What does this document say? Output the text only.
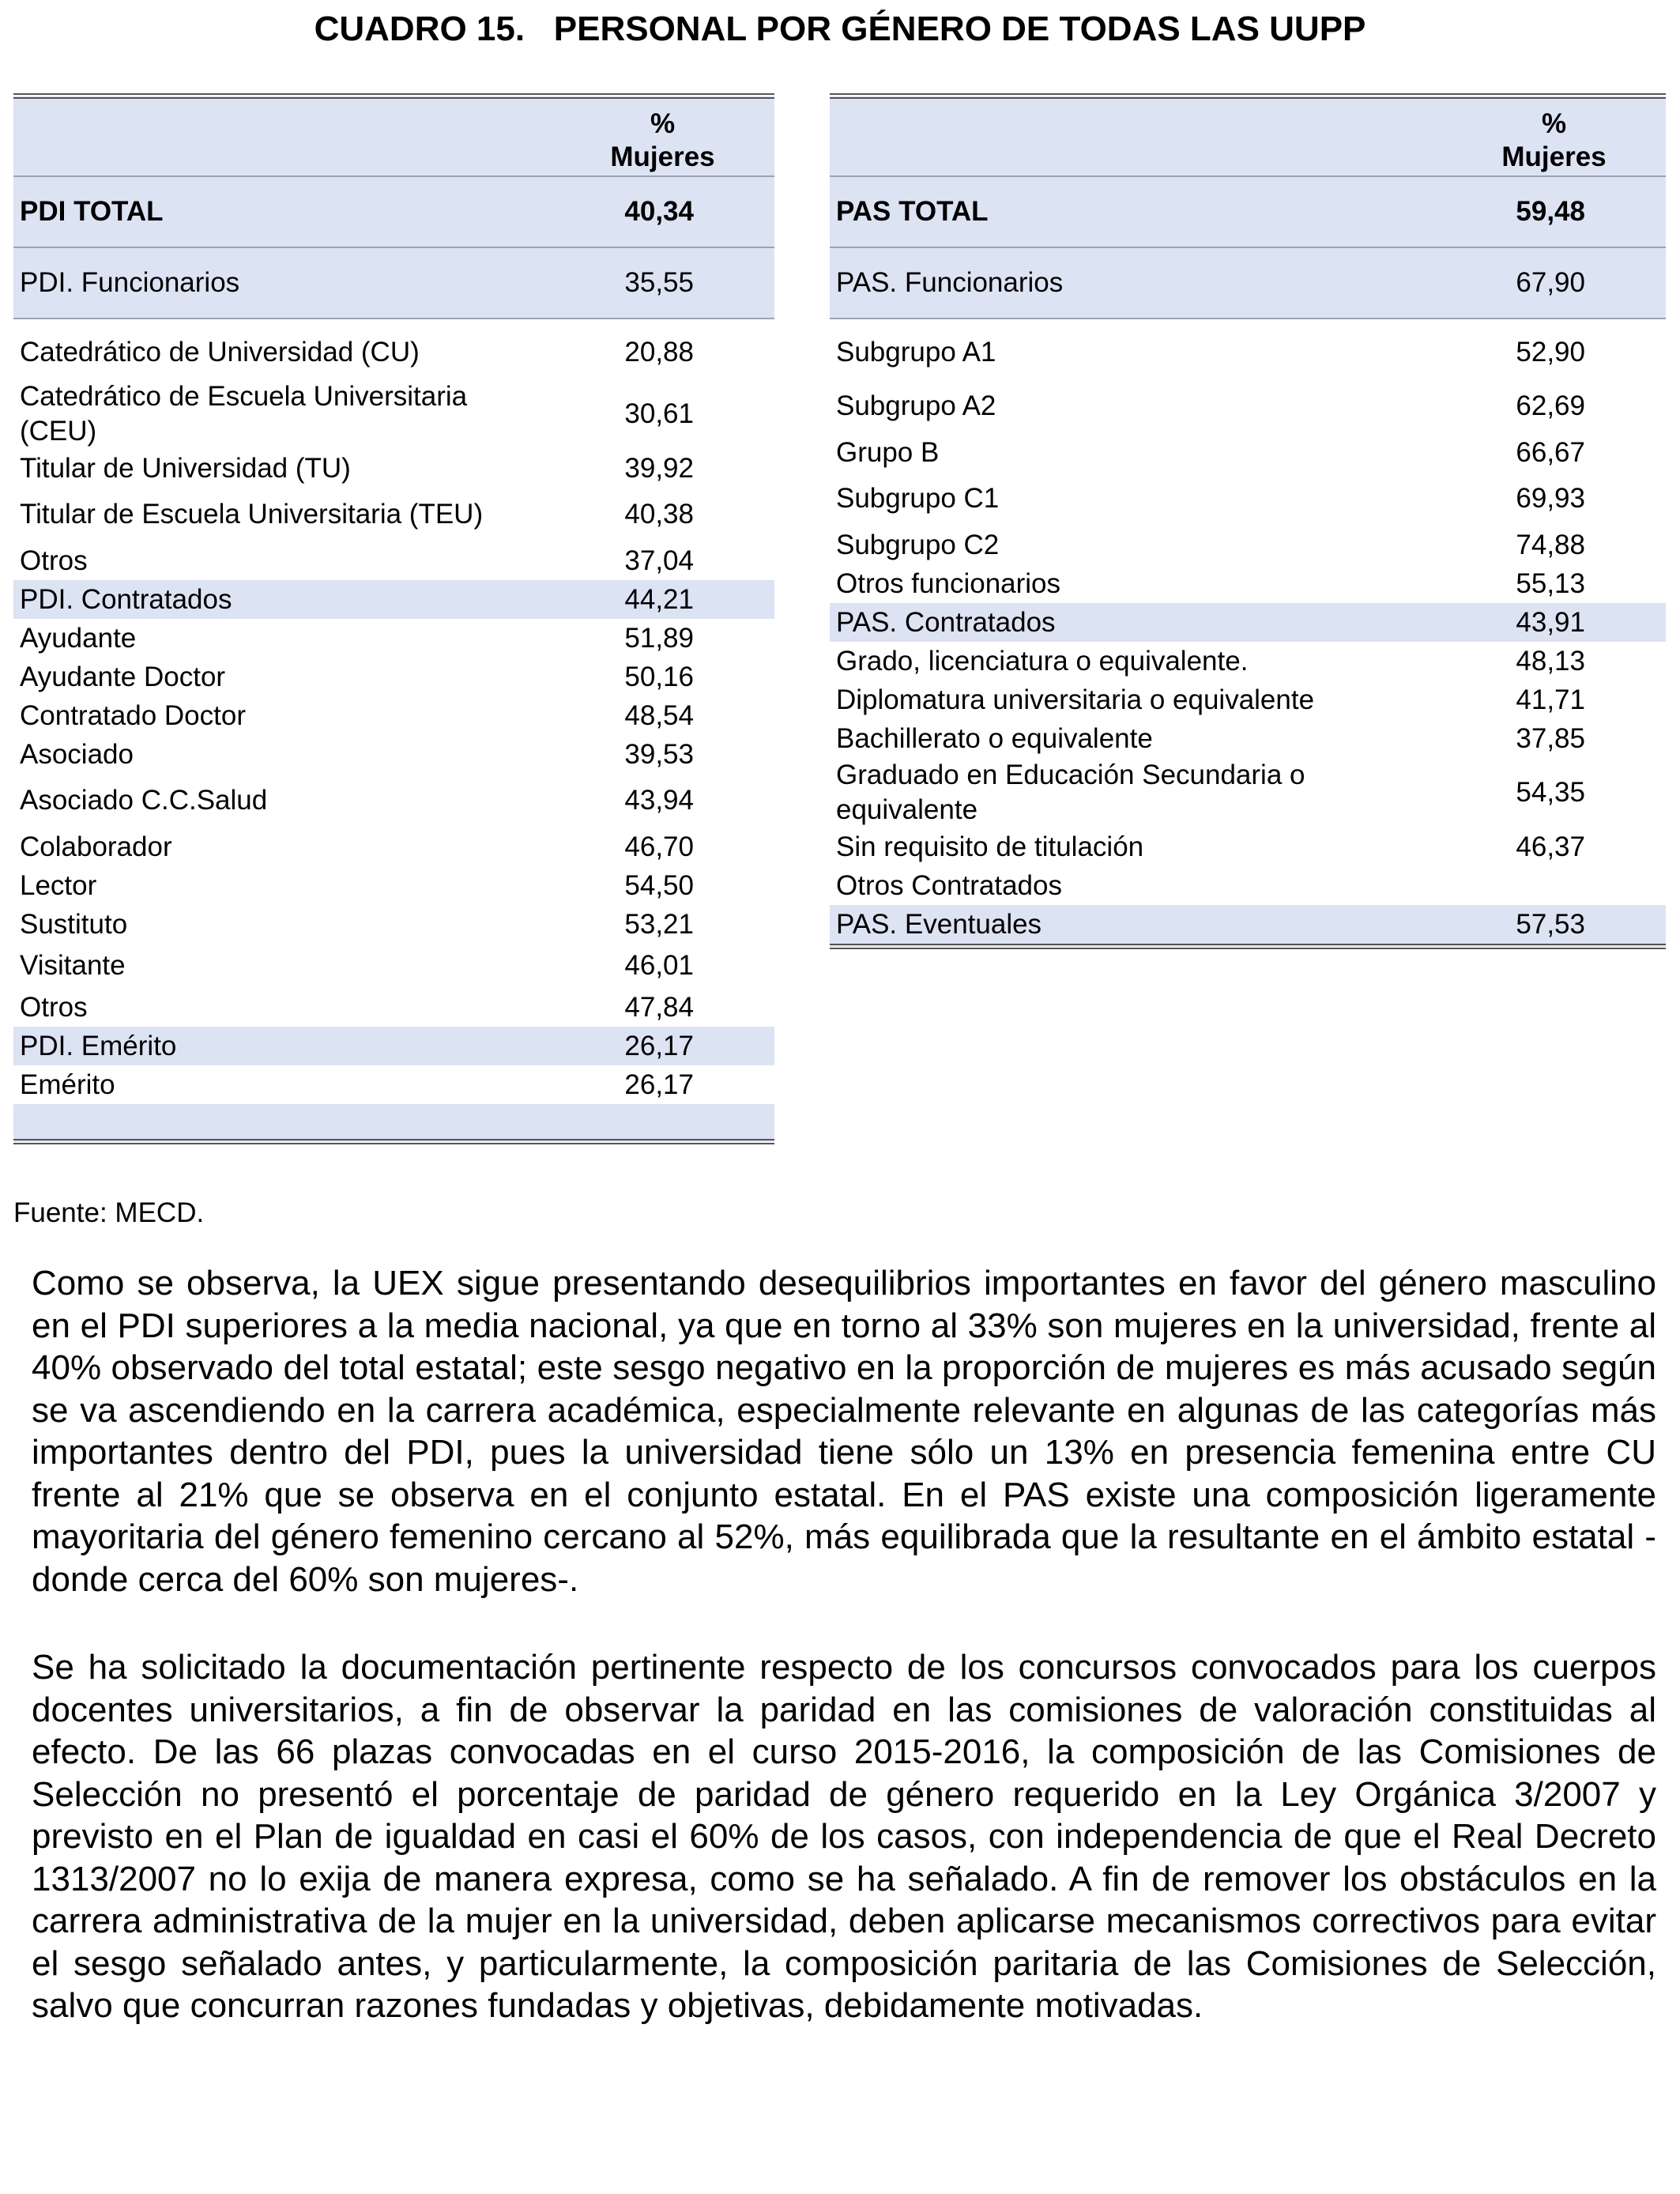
CUADRO 15.   PERSONAL POR GÉNERO DE TODAS LAS UUPP
	%
Mujeres
PDI TOTAL	40,34
PDI. Funcionarios	35,55

Catedrático de Universidad (CU)	20,88
Catedrático de Escuela Universitaria (CEU)	30,61
Titular de Universidad (TU)	39,92
Titular de Escuela Universitaria (TEU)	40,38
Otros	37,04
PDI. Contratados	44,21
Ayudante	51,89
Ayudante Doctor	50,16
Contratado Doctor	48,54
Asociado	39,53
Asociado C.C.Salud	43,94
Colaborador	46,70
Lector	54,50
Sustituto	53,21
Visitante	46,01
Otros	47,84
PDI. Emérito	26,17
Emérito	26,17

	%
Mujeres
PAS TOTAL	59,48
PAS. Funcionarios	67,90

Subgrupo A1	52,90
Subgrupo A2	62,69
Grupo B	66,67
Subgrupo C1	69,93
Subgrupo C2	74,88
Otros funcionarios	55,13
PAS. Contratados	43,91
Grado, licenciatura o equivalente.	48,13
Diplomatura universitaria o equivalente	41,71
Bachillerato o equivalente	37,85
Graduado en Educación Secundaria o equivalente	54,35
Sin requisito de titulación	46,37
Otros Contratados	
PAS. Eventuales	57,53
Fuente: MECD.

Como se observa, la UEX sigue presentando desequilibrios importantes en favor del género masculino en el PDI superiores a la media nacional, ya que en torno al 33% son mujeres en la universidad, frente al 40% observado del total estatal; este sesgo negativo en la proporción de mujeres es más acusado según se va ascendiendo en la carrera académica, especialmente relevante en algunas de las categorías más importantes dentro del PDI, pues la universidad tiene sólo un 13% en presencia femenina entre CU frente al 21% que se observa en el conjunto estatal. En el PAS existe una composición ligeramente mayoritaria del género femenino cercano al 52%, más equilibrada que la resultante en el ámbito estatal -donde cerca del 60% son mujeres-.

Se ha solicitado la documentación pertinente respecto de los concursos convocados para los cuerpos docentes universitarios, a fin de observar la paridad en las comisiones de valoración constituidas al efecto. De las 66 plazas convocadas en el curso 2015-2016, la composición de las Comisiones de Selección no presentó el porcentaje de paridad de género requerido en la Ley Orgánica 3/2007 y previsto en el Plan de igualdad en casi el 60% de los casos, con independencia de que el Real Decreto 1313/2007 no lo exija de manera expresa, como se ha señalado. A fin de remover los obstáculos en la carrera administrativa de la mujer en la universidad, deben aplicarse mecanismos correctivos para evitar el sesgo señalado antes, y particularmente, la composición paritaria de las Comisiones de Selección, salvo que concurran razones fundadas y objetivas, debidamente motivadas.
